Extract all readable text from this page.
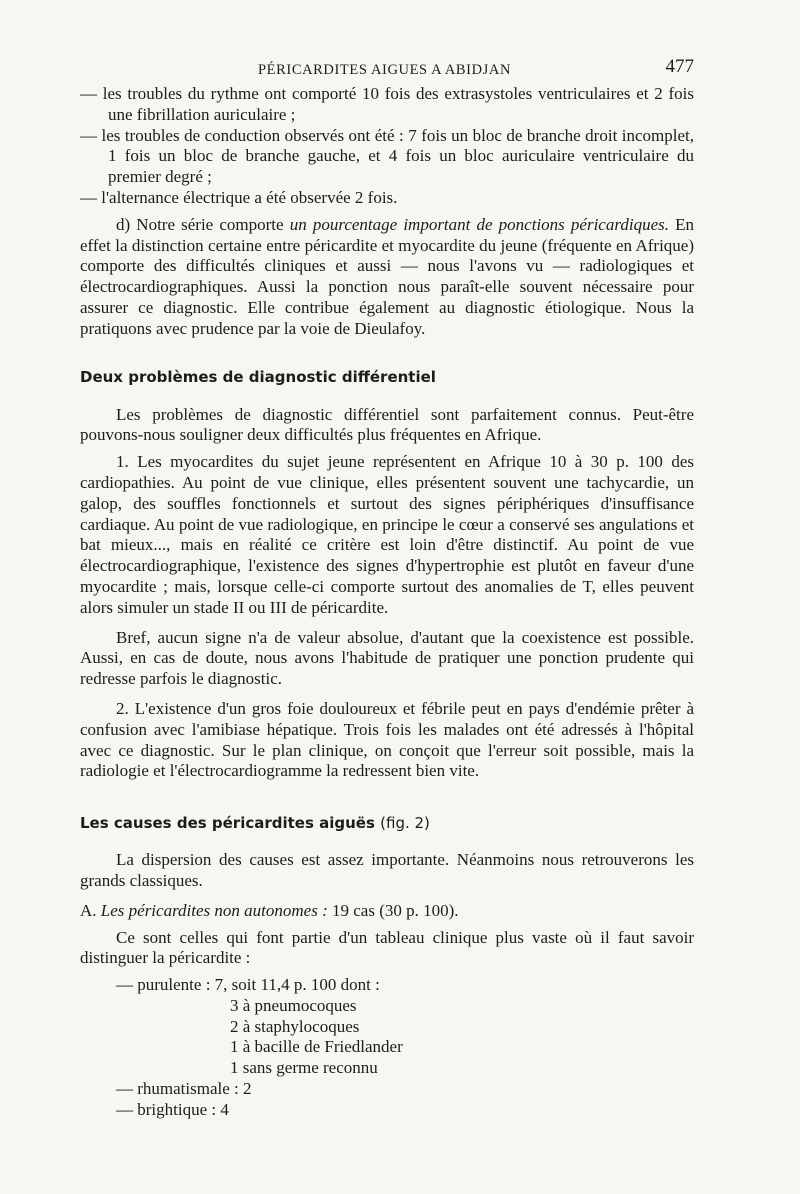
PÉRICARDITES AIGUES A ABIDJAN	477

— les troubles du rythme ont comporté 10 fois des extrasystoles ventriculaires et 2 fois une fibrillation auriculaire ;

— les troubles de conduction observés ont été : 7 fois un bloc de branche droit incomplet, 1 fois un bloc de branche gauche, et 4 fois un bloc auriculaire ventriculaire du premier degré ;

— l'alternance électrique a été observée 2 fois.

d) Notre série comporte un pourcentage important de ponctions péricardiques. En effet la distinction certaine entre péricardite et myocardite du jeune (fréquente en Afrique) comporte des difficultés cliniques et aussi — nous l'avons vu — radiologiques et électrocardiographiques. Aussi la ponction nous paraît-elle souvent nécessaire pour assurer ce diagnostic. Elle contribue également au diagnostic étiologique. Nous la pratiquons avec prudence par la voie de Dieulafoy.

Deux problèmes de diagnostic différentiel

Les problèmes de diagnostic différentiel sont parfaitement connus. Peut-être pouvons-nous souligner deux difficultés plus fréquentes en Afrique.

1. Les myocardites du sujet jeune représentent en Afrique 10 à 30 p. 100 des cardiopathies. Au point de vue clinique, elles présentent souvent une tachycardie, un galop, des souffles fonctionnels et surtout des signes périphériques d'insuffisance cardiaque. Au point de vue radiologique, en principe le cœur a conservé ses angulations et bat mieux..., mais en réalité ce critère est loin d'être distinctif. Au point de vue électrocardiographique, l'existence des signes d'hypertrophie est plutôt en faveur d'une myocardite ; mais, lorsque celle-ci comporte surtout des anomalies de T, elles peuvent alors simuler un stade II ou III de péricardite.

Bref, aucun signe n'a de valeur absolue, d'autant que la coexistence est possible. Aussi, en cas de doute, nous avons l'habitude de pratiquer une ponction prudente qui redresse parfois le diagnostic.

2. L'existence d'un gros foie douloureux et fébrile peut en pays d'endémie prêter à confusion avec l'amibiase hépatique. Trois fois les malades ont été adressés à l'hôpital avec ce diagnostic. Sur le plan clinique, on conçoit que l'erreur soit possible, mais la radiologie et l'électrocardiogramme la redressent bien vite.

Les causes des péricardites aiguës (fig. 2)

La dispersion des causes est assez importante. Néanmoins nous retrouverons les grands classiques.

A. Les péricardites non autonomes : 19 cas (30 p. 100).

Ce sont celles qui font partie d'un tableau clinique plus vaste où il faut savoir distinguer la péricardite :

— purulente : 7, soit 11,4 p. 100 dont :
3 à pneumocoques
2 à staphylocoques
1 à bacille de Friedlander
1 sans germe reconnu
— rhumatismale : 2
— brightique : 4
